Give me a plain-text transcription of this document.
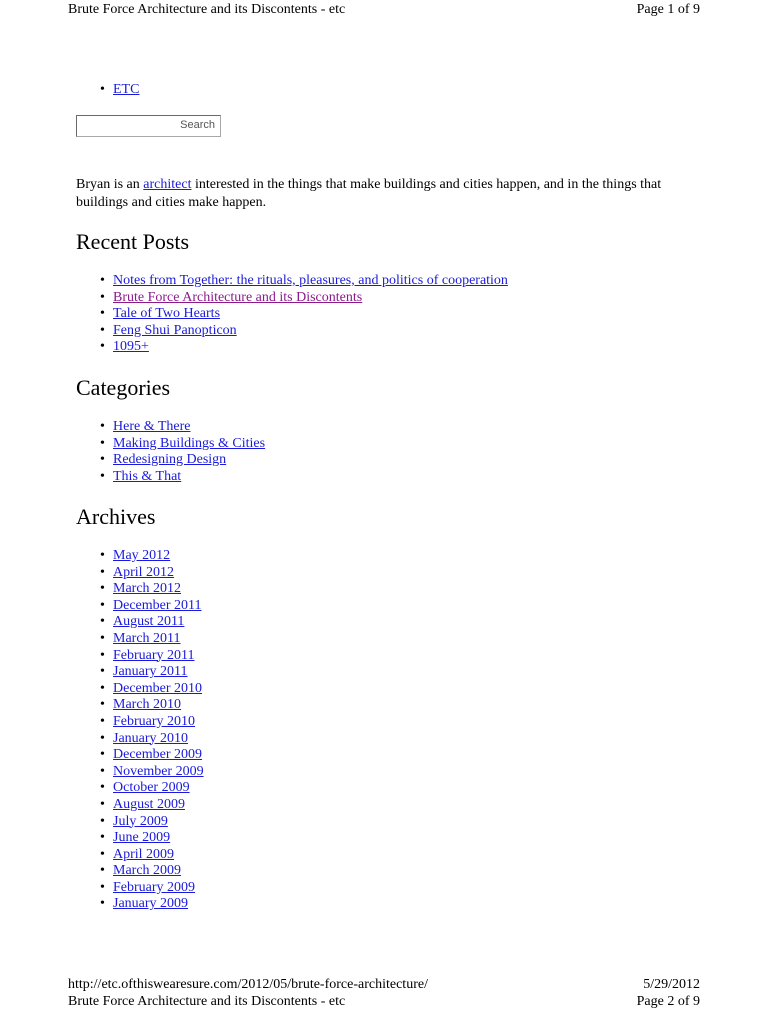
Brute Force Architecture and its Discontents - etc	Page 1 of 9
• ETC
Search
Bryan is an architect interested in the things that make buildings and cities happen, and in the things that buildings and cities make happen.
Recent Posts
• Notes from Together: the rituals, pleasures, and politics of cooperation
• Brute Force Architecture and its Discontents
• Tale of Two Hearts
• Feng Shui Panopticon
• 1095+
Categories
• Here & There
• Making Buildings & Cities
• Redesigning Design
• This & That
Archives
• May 2012
• April 2012
• March 2012
• December 2011
• August 2011
• March 2011
• February 2011
• January 2011
• December 2010
• March 2010
• February 2010
• January 2010
• December 2009
• November 2009
• October 2009
• August 2009
• July 2009
• June 2009
• April 2009
• March 2009
• February 2009
• January 2009
http://etc.ofthiswearesure.com/2012/05/brute-force-architecture/	5/29/2012
Brute Force Architecture and its Discontents - etc	Page 2 of 9
